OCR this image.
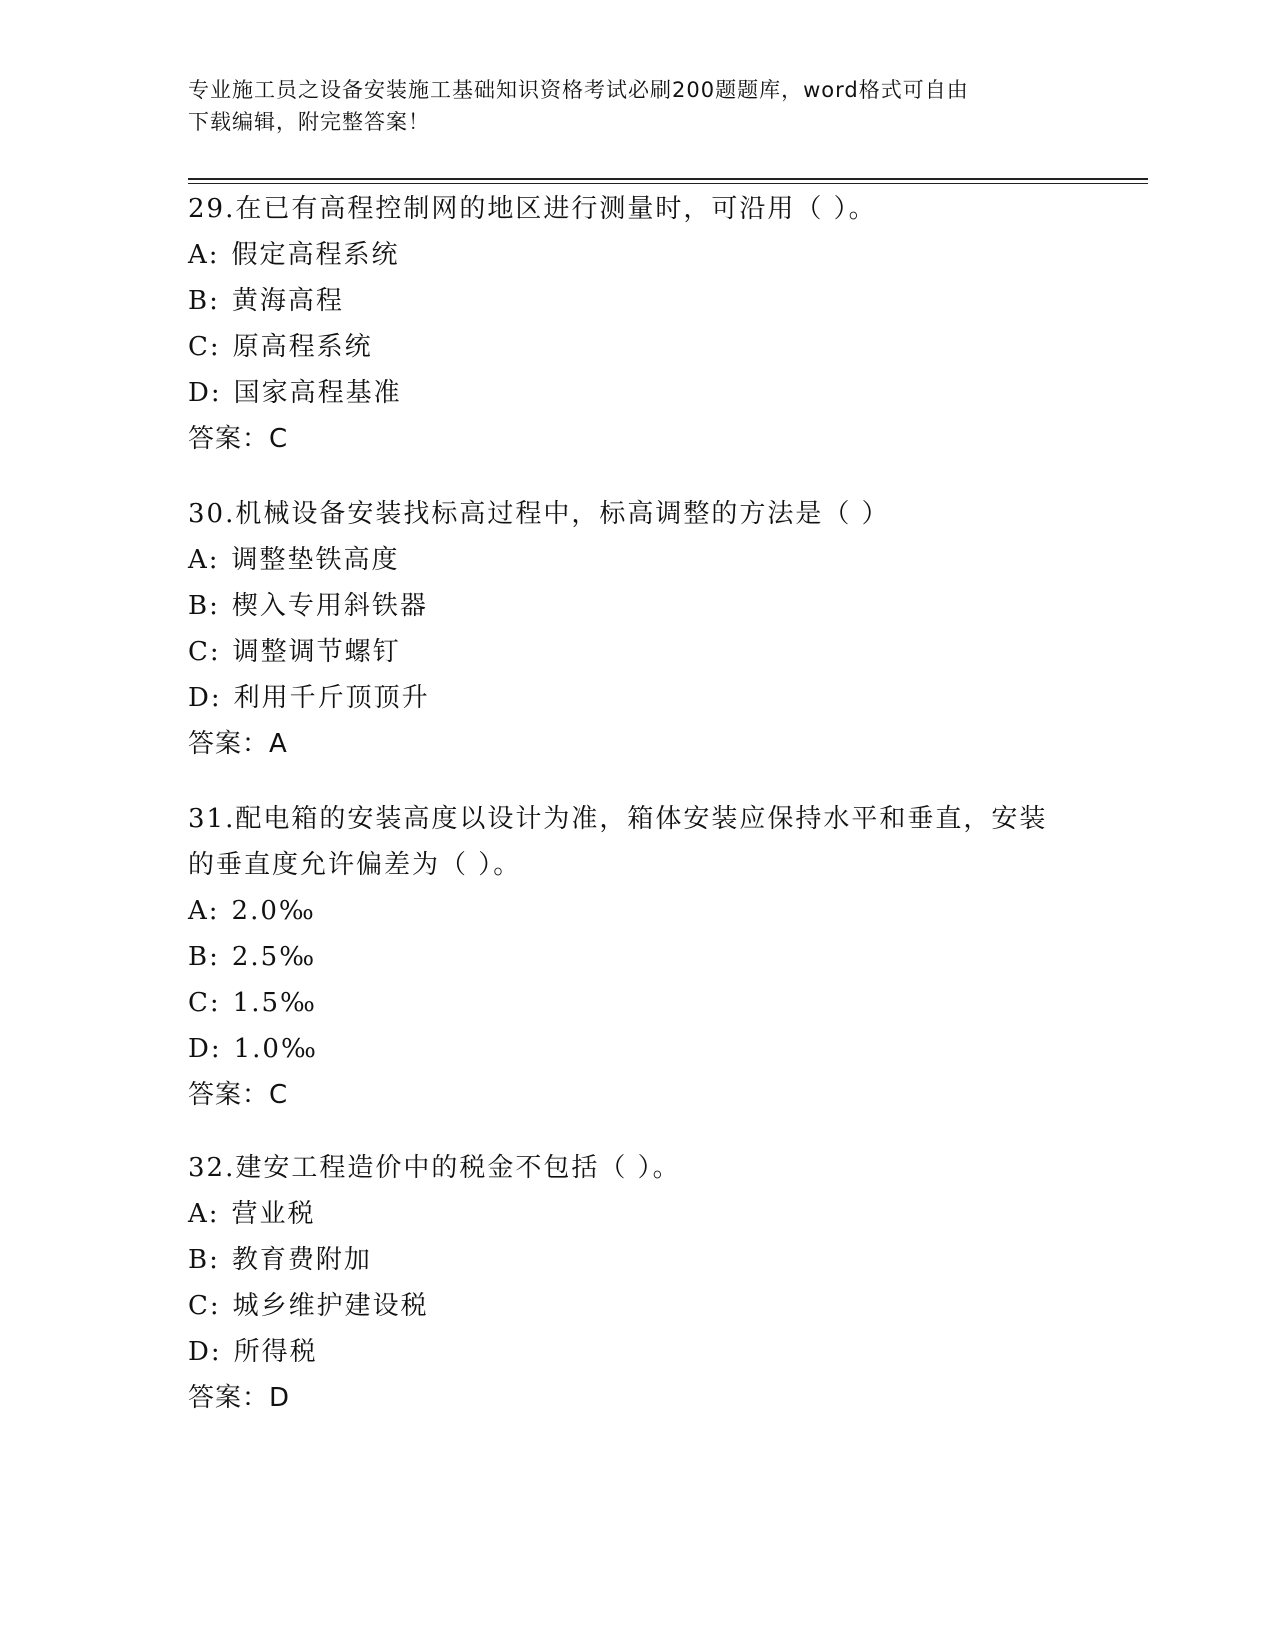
专业施工员之设备安装施工基础知识资格考试必刷200题题库，word格式可自由
下载编辑，附完整答案！

29.在已有高程控制网的地区进行测量时，可沿用（ ）。

A: 假定高程系统

B: 黄海高程

C: 原高程系统

D: 国家高程基准

答案：C

30.机械设备安装找标高过程中，标高调整的方法是（ ）

A: 调整垫铁高度

B: 楔入专用斜铁器

C: 调整调节螺钉

D: 利用千斤顶顶升

答案：A

31.配电箱的安装高度以设计为准，箱体安装应保持水平和垂直，安装的垂直度允许偏差为（ ）。

A: 2.0‰

B: 2.5‰

C: 1.5‰

D: 1.0‰

答案：C

32.建安工程造价中的税金不包括（ ）。

A: 营业税

B: 教育费附加

C: 城乡维护建设税

D: 所得税

答案：D
